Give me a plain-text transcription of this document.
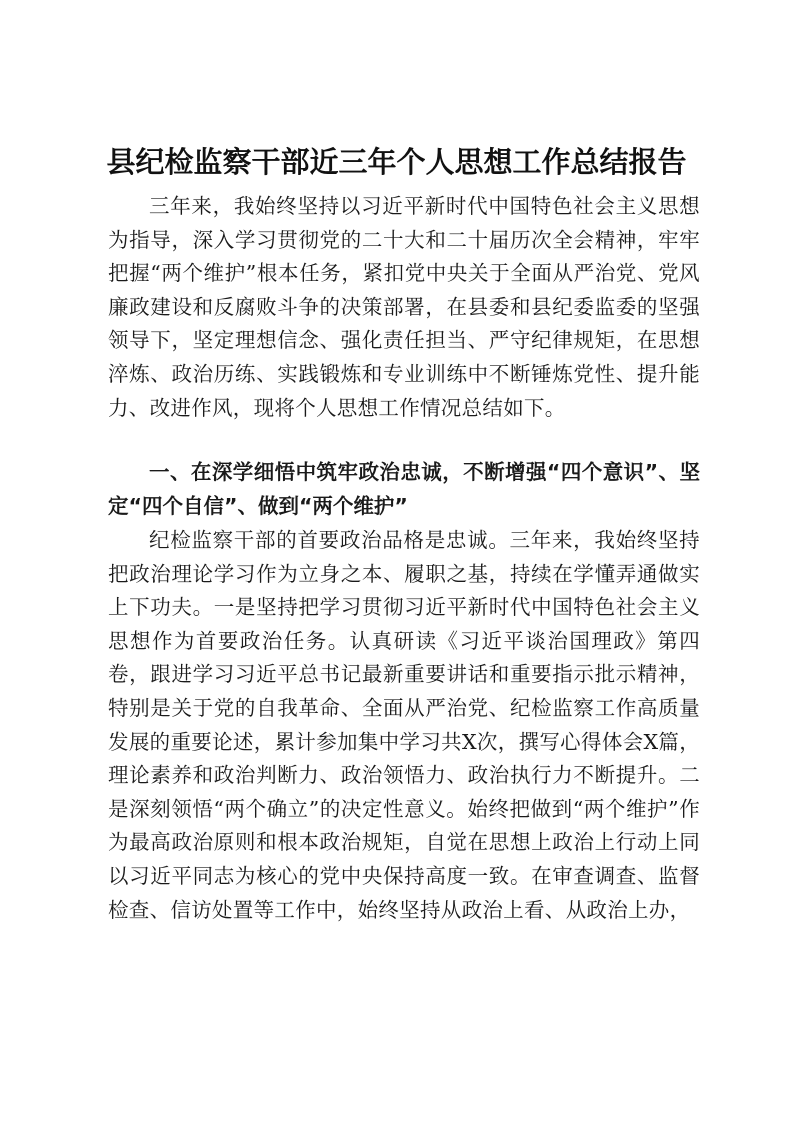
县纪检监察干部近三年个人思想工作总结报告

三年来，我始终坚持以习近平新时代中国特色社会主义思想为指导，深入学习贯彻党的二十大和二十届历次全会精神，牢牢把握“两个维护”根本任务，紧扣党中央关于全面从严治党、党风廉政建设和反腐败斗争的决策部署，在县委和县纪委监委的坚强领导下，坚定理想信念、强化责任担当、严守纪律规矩，在思想淬炼、政治历练、实践锻炼和专业训练中不断锤炼党性、提升能力、改进作风，现将个人思想工作情况总结如下。

一、在深学细悟中筑牢政治忠诚，不断增强“四个意识”、坚定“四个自信”、做到“两个维护”

纪检监察干部的首要政治品格是忠诚。三年来，我始终坚持把政治理论学习作为立身之本、履职之基，持续在学懂弄通做实上下功夫。一是坚持把学习贯彻习近平新时代中国特色社会主义思想作为首要政治任务。认真研读《习近平谈治国理政》第四卷，跟进学习习近平总书记最新重要讲话和重要指示批示精神，特别是关于党的自我革命、全面从严治党、纪检监察工作高质量发展的重要论述，累计参加集中学习共X次，撰写心得体会X篇，理论素养和政治判断力、政治领悟力、政治执行力不断提升。二是深刻领悟“两个确立”的决定性意义。始终把做到“两个维护”作为最高政治原则和根本政治规矩，自觉在思想上政治上行动上同以习近平同志为核心的党中央保持高度一致。在审查调查、监督检查、信访处置等工作中，始终坚持从政治上看、从政治上办，
